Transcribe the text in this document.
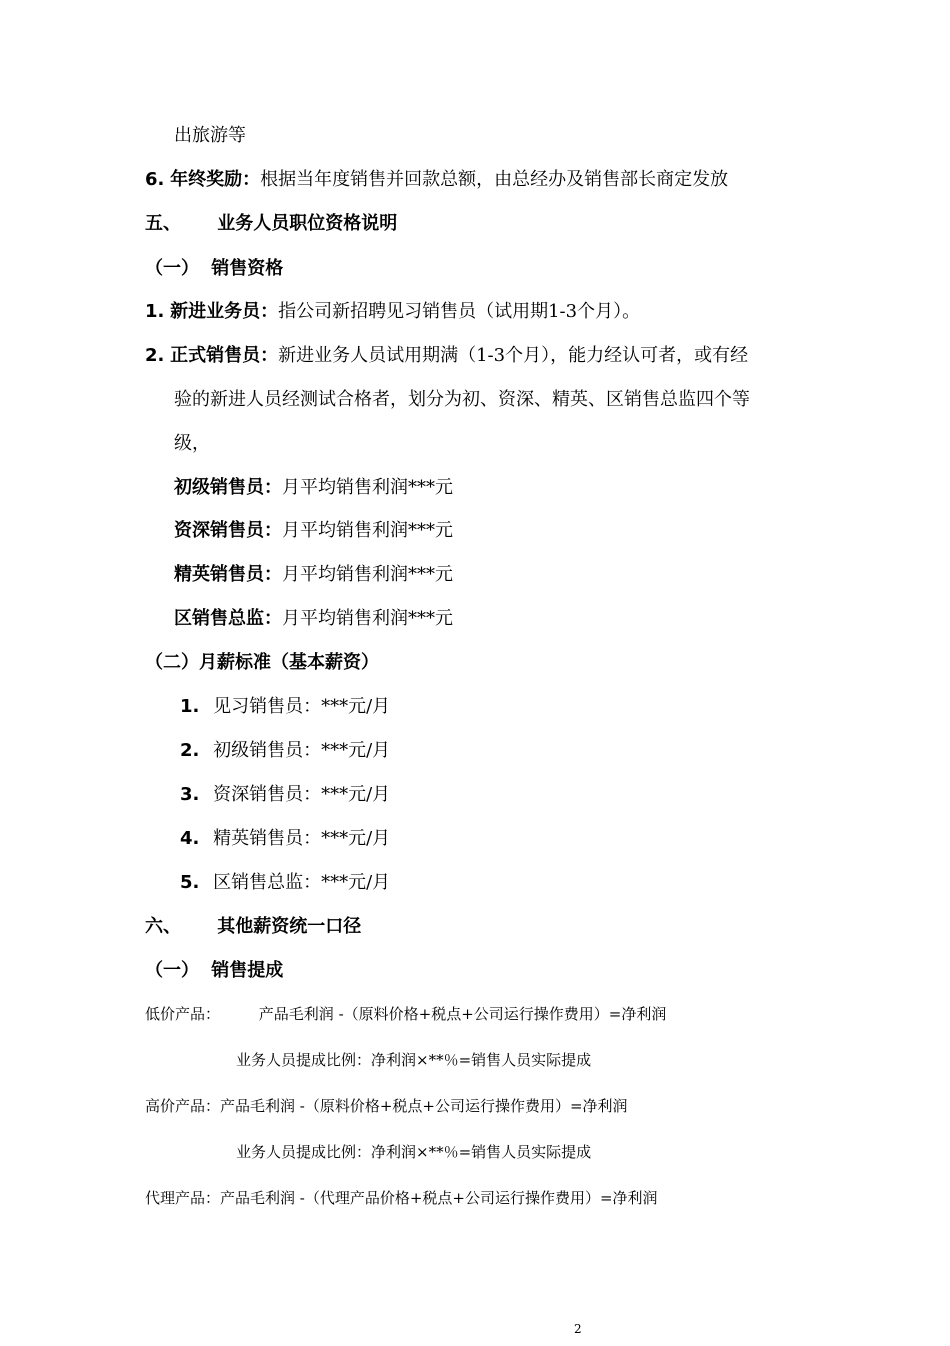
出旅游等
6. 年终奖励：根据当年度销售并回款总额，由总经办及销售部长商定发放
五、 业务人员职位资格说明
（一） 销售资格
1. 新进业务员：指公司新招聘见习销售员（试用期1-3个月）。
2. 正式销售员：新进业务人员试用期满（1-3个月），能力经认可者，或有经
验的新进人员经测试合格者，划分为初、资深、精英、区销售总监四个等
级，
初级销售员：月平均销售利润***元
资深销售员：月平均销售利润***元
精英销售员：月平均销售利润***元
区销售总监：月平均销售利润***元
（二）月薪标准（基本薪资）
1. 见习销售员：***元/月
2. 初级销售员：***元/月
3. 资深销售员：***元/月
4. 精英销售员：***元/月
5. 区销售总监：***元/月
六、 其他薪资统一口径
（一） 销售提成
低价产品：	产品毛利润 -（原料价格+税点+公司运行操作费用）=净利润
业务人员提成比例：净利润×**％=销售人员实际提成
高价产品：产品毛利润 -（原料价格+税点+公司运行操作费用）=净利润
业务人员提成比例：净利润×**％=销售人员实际提成
代理产品：产品毛利润 -（代理产品价格+税点+公司运行操作费用）=净利润
2
